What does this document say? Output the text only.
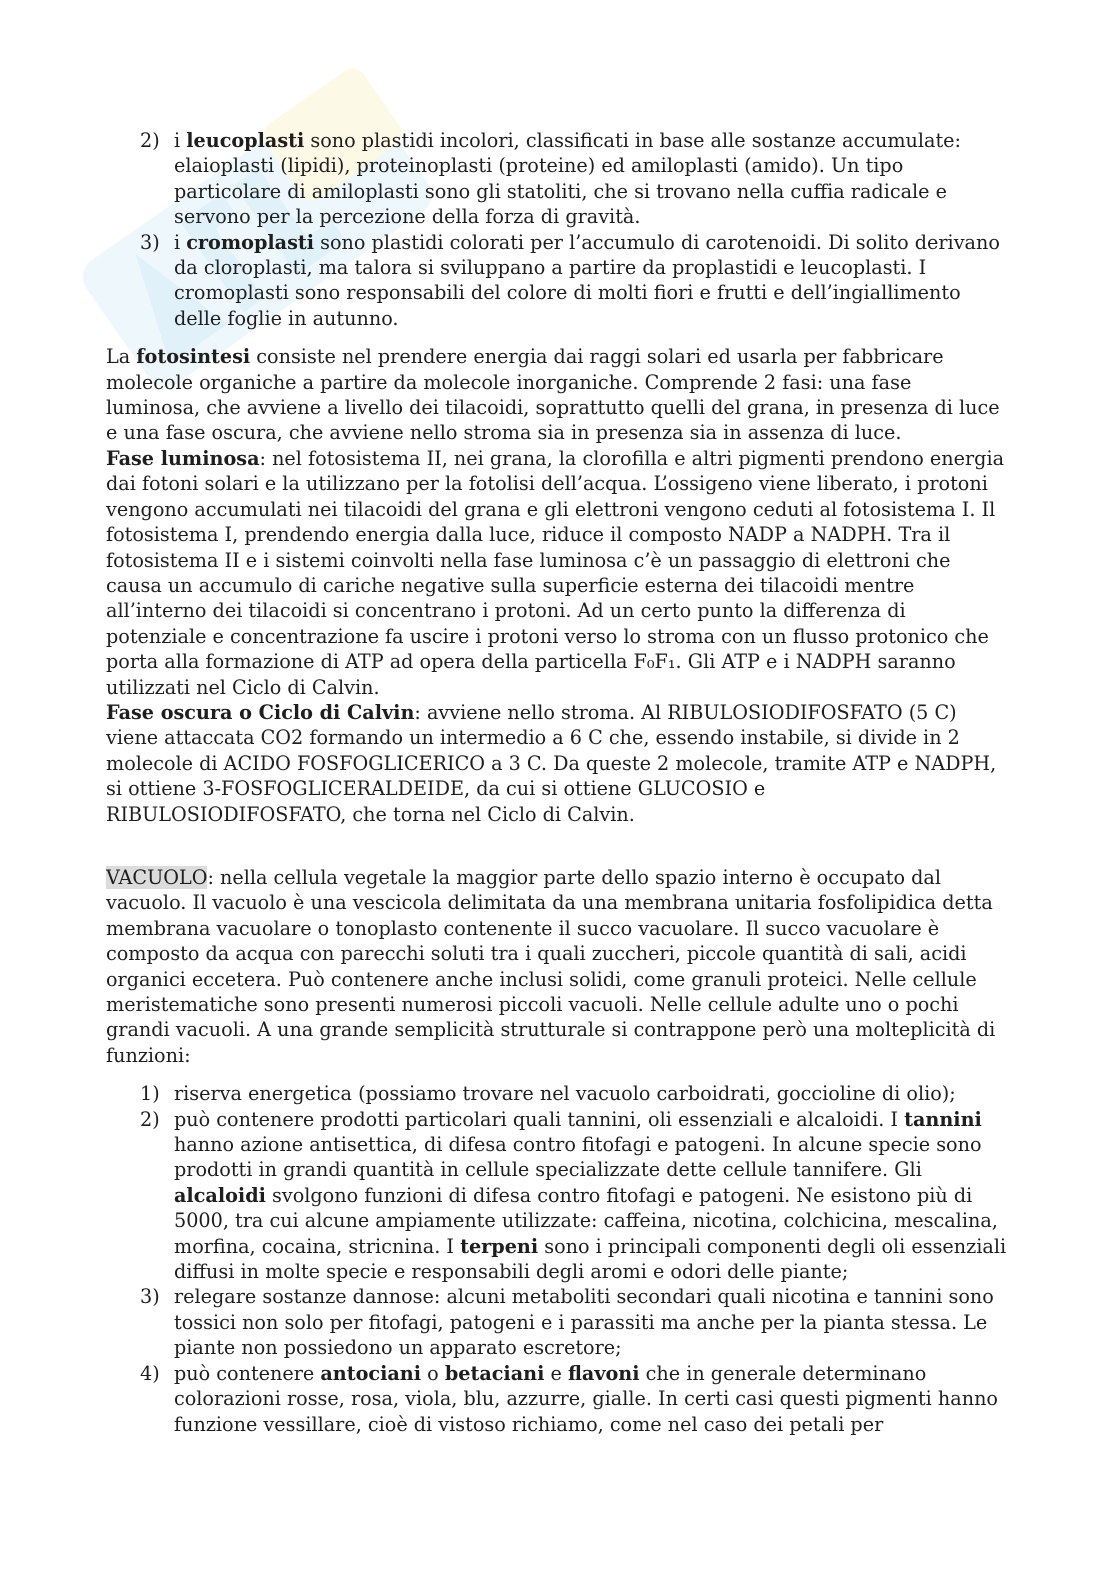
2) i leucoplasti sono plastidi incolori, classificati in base alle sostanze accumulate: elaioplasti (lipidi), proteinoplasti (proteine) ed amiloplasti (amido). Un tipo particolare di amiloplasti sono gli statoliti, che si trovano nella cuffia radicale e servono per la percezione della forza di gravità.
3) i cromoplasti sono plastidi colorati per l’accumulo di carotenoidi. Di solito derivano da cloroplasti, ma talora si sviluppano a partire da proplastidi e leucoplasti. I cromoplasti sono responsabili del colore di molti fiori e frutti e dell’ingiallimento delle foglie in autunno.

La fotosintesi consiste nel prendere energia dai raggi solari ed usarla per fabbricare molecole organiche a partire da molecole inorganiche. Comprende 2 fasi: una fase luminosa, che avviene a livello dei tilacoidi, soprattutto quelli del grana, in presenza di luce e una fase oscura, che avviene nello stroma sia in presenza sia in assenza di luce.

Fase luminosa: nel fotosistema II, nei grana, la clorofilla e altri pigmenti prendono energia dai fotoni solari e la utilizzano per la fotolisi dell’acqua. L’ossigeno viene liberato, i protoni vengono accumulati nei tilacoidi del grana e gli elettroni vengono ceduti al fotosistema I. Il fotosistema I, prendendo energia dalla luce, riduce il composto NADP a NADPH. Tra il fotosistema II e i sistemi coinvolti nella fase luminosa c’è un passaggio di elettroni che causa un accumulo di cariche negative sulla superficie esterna dei tilacoidi mentre all’interno dei tilacoidi si concentrano i protoni. Ad un certo punto la differenza di potenziale e concentrazione fa uscire i protoni verso lo stroma con un flusso protonico che porta alla formazione di ATP ad opera della particella F₀F₁. Gli ATP e i NADPH saranno utilizzati nel Ciclo di Calvin.

Fase oscura o Ciclo di Calvin: avviene nello stroma. Al RIBULOSIODIFOSFATO (5 C) viene attaccata CO2 formando un intermedio a 6 C che, essendo instabile, si divide in 2 molecole di ACIDO FOSFOGLICERICO a 3 C. Da queste 2 molecole, tramite ATP e NADPH, si ottiene 3-FOSFOGLICERALDEIDE, da cui si ottiene GLUCOSIO e RIBULOSIODIFOSFATO, che torna nel Ciclo di Calvin.

VACUOLO: nella cellula vegetale la maggior parte dello spazio interno è occupato dal vacuolo. Il vacuolo è una vescicola delimitata da una membrana unitaria fosfolipidica detta membrana vacuolare o tonoplasto contenente il succo vacuolare. Il succo vacuolare è composto da acqua con parecchi soluti tra i quali zuccheri, piccole quantità di sali, acidi organici eccetera. Può contenere anche inclusi solidi, come granuli proteici. Nelle cellule meristematiche sono presenti numerosi piccoli vacuoli. Nelle cellule adulte uno o pochi grandi vacuoli. A una grande semplicità strutturale si contrappone però una molteplicità di funzioni:

1) riserva energetica (possiamo trovare nel vacuolo carboidrati, goccioline di olio);
2) può contenere prodotti particolari quali tannini, oli essenziali e alcaloidi. I tannini hanno azione antisettica, di difesa contro fitofagi e patogeni. In alcune specie sono prodotti in grandi quantità in cellule specializzate dette cellule tannifere. Gli alcaloidi svolgono funzioni di difesa contro fitofagi e patogeni. Ne esistono più di 5000, tra cui alcune ampiamente utilizzate: caffeina, nicotina, colchicina, mescalina, morfina, cocaina, stricnina. I terpeni sono i principali componenti degli oli essenziali diffusi in molte specie e responsabili degli aromi e odori delle piante;
3) relegare sostanze dannose: alcuni metaboliti secondari quali nicotina e tannini sono tossici non solo per fitofagi, patogeni e i parassiti ma anche per la pianta stessa. Le piante non possiedono un apparato escretore;
4) può contenere antociani o betaciani e flavoni che in generale determinano colorazioni rosse, rosa, viola, blu, azzurre, gialle. In certi casi questi pigmenti hanno funzione vessillare, cioè di vistoso richiamo, come nel caso dei petali per
